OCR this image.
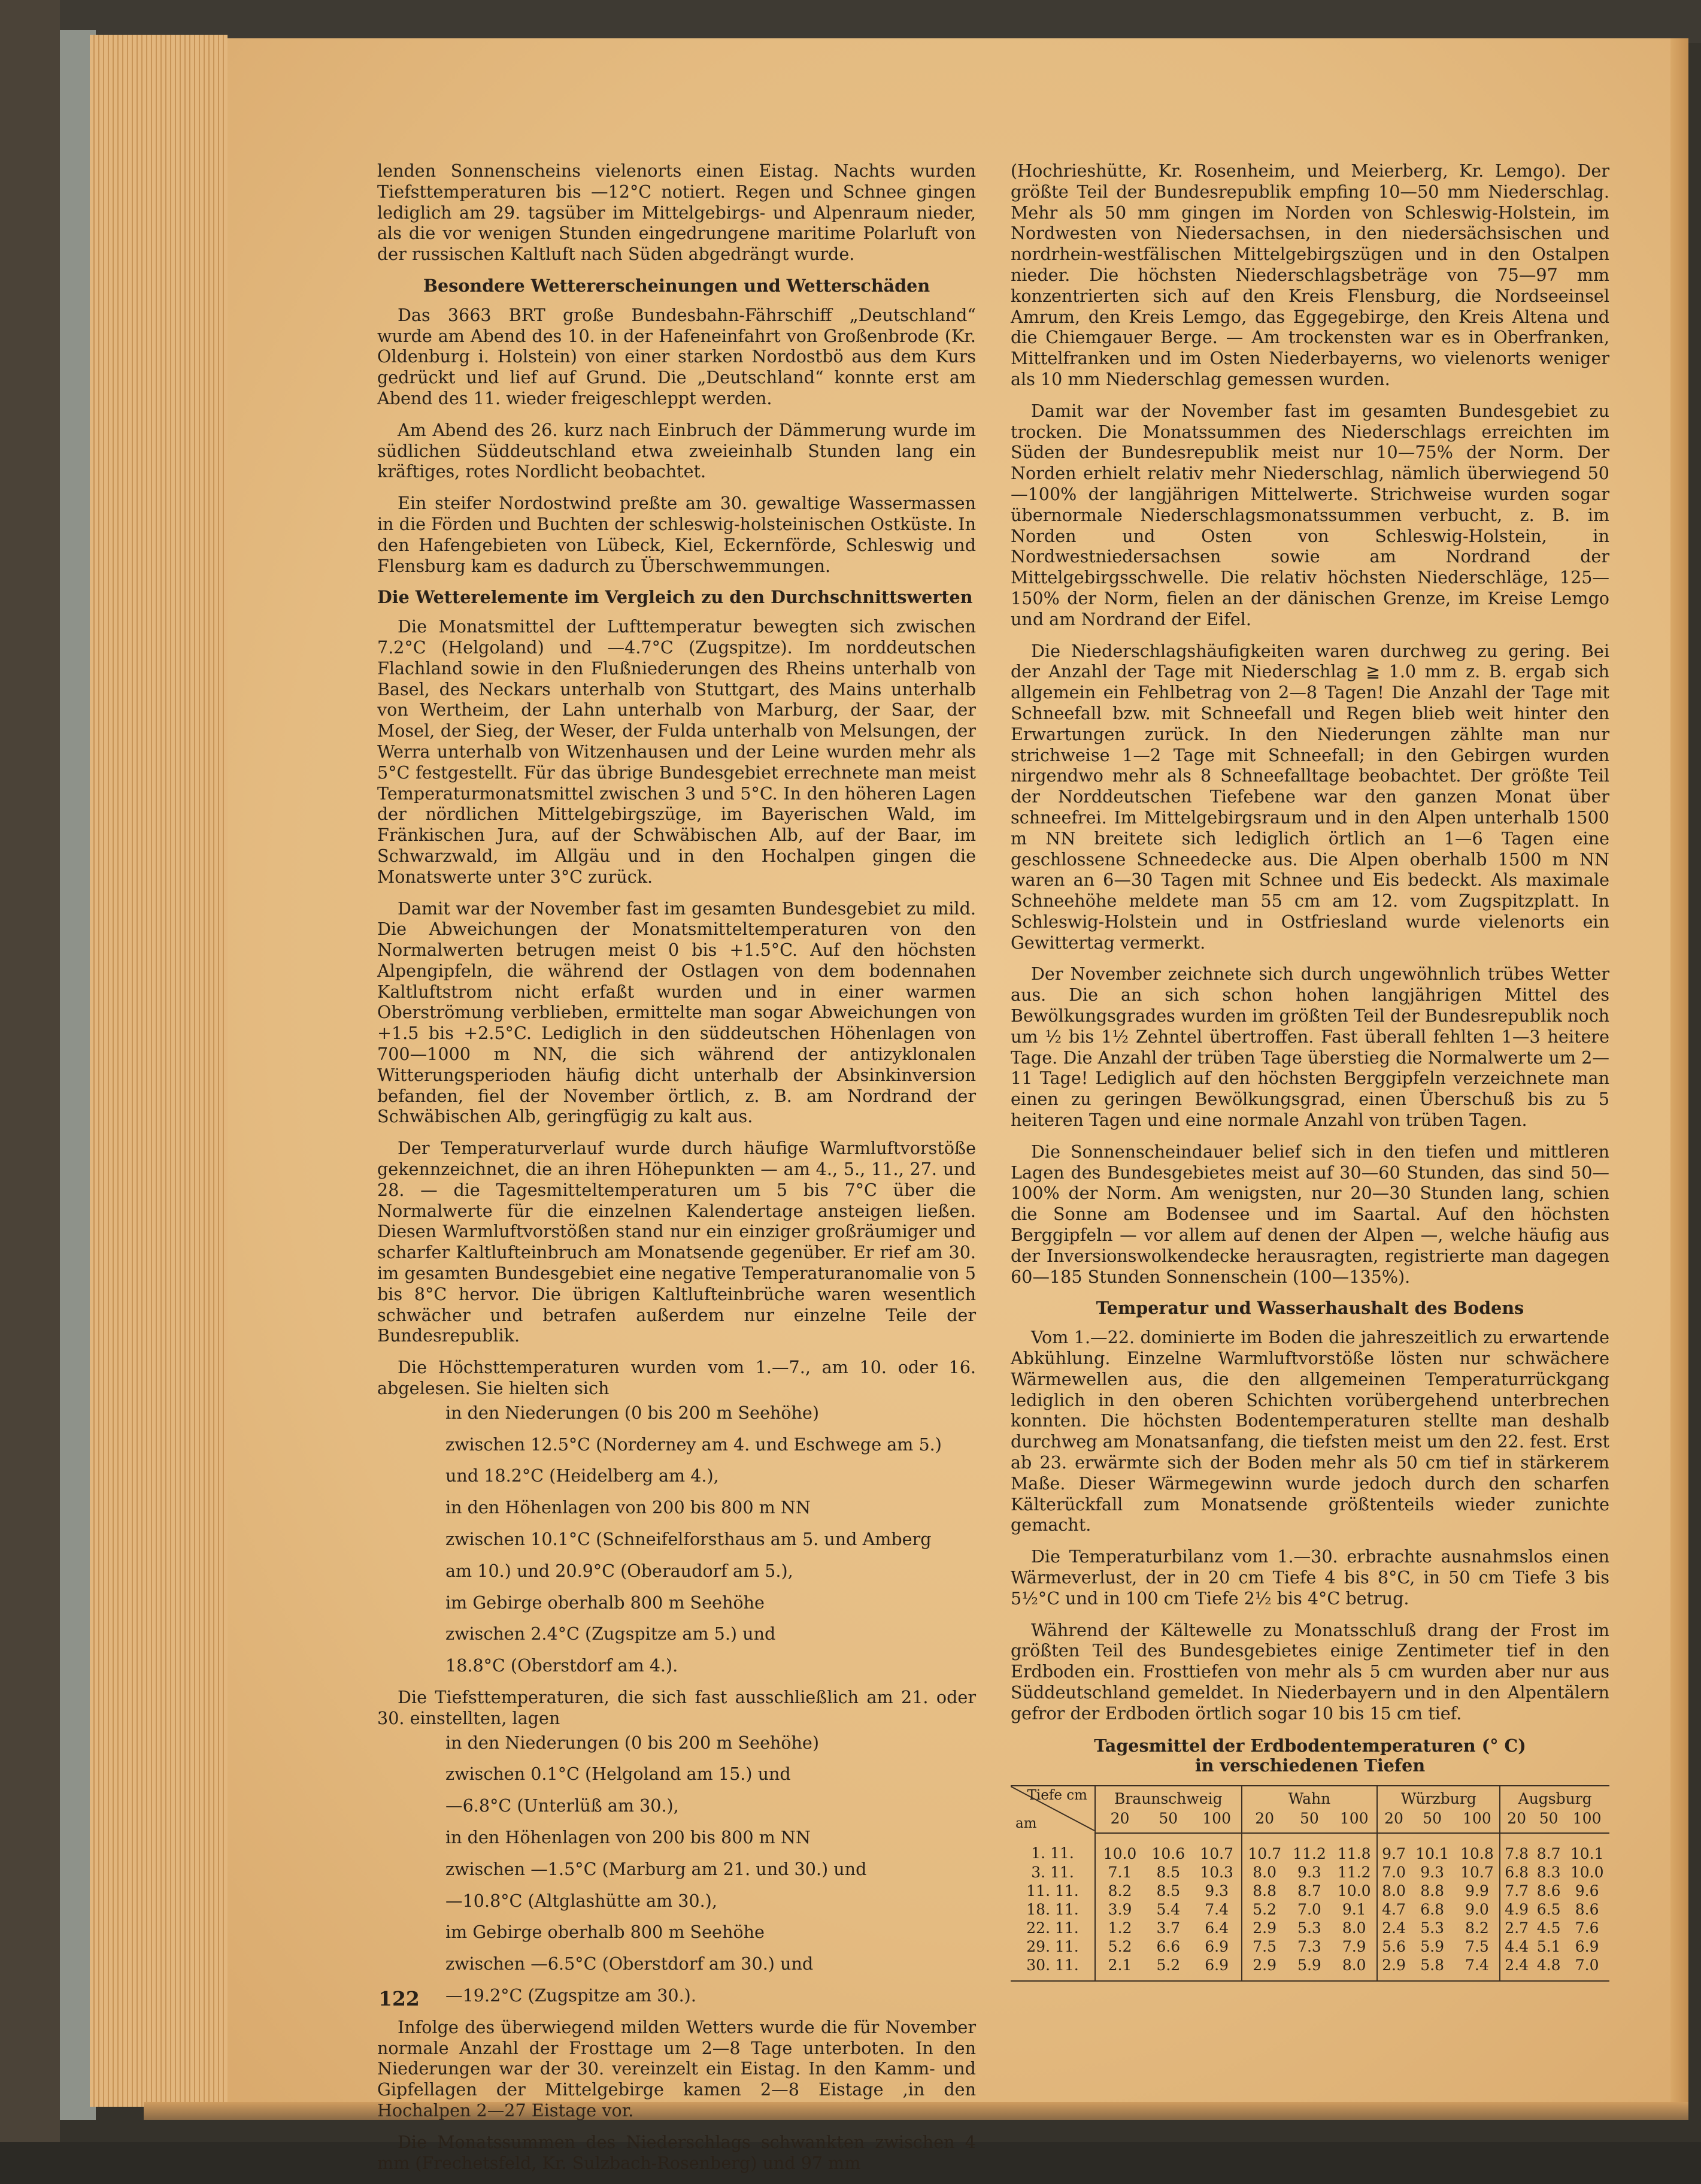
lenden Sonnenscheins vielenorts einen Eistag. Nachts wurden Tiefsttemperaturen bis —12°C notiert. Regen und Schnee gingen lediglich am 29. tagsüber im Mittelgebirgs- und Alpenraum nieder, als die vor wenigen Stunden eingedrungene maritime Polarluft von der russischen Kaltluft nach Süden abgedrängt wurde.

Besondere Wettererscheinungen und Wetterschäden

Das 3663 BRT große Bundesbahn-Fährschiff „Deutschland“ wurde am Abend des 10. in der Hafeneinfahrt von Großenbrode (Kr. Oldenburg i. Holstein) von einer starken Nordostbö aus dem Kurs gedrückt und lief auf Grund. Die „Deutschland“ konnte erst am Abend des 11. wieder freigeschleppt werden.

Am Abend des 26. kurz nach Einbruch der Dämmerung wurde im südlichen Süddeutschland etwa zweieinhalb Stunden lang ein kräftiges, rotes Nordlicht beobachtet.

Ein steifer Nordostwind preßte am 30. gewaltige Wassermassen in die Förden und Buchten der schleswig-holsteinischen Ostküste. In den Hafengebieten von Lübeck, Kiel, Eckernförde, Schleswig und Flensburg kam es dadurch zu Überschwemmungen.

Die Wetterelemente im Vergleich zu den Durchschnittswerten

Die Monatsmittel der Lufttemperatur bewegten sich zwischen 7.2°C (Helgoland) und —4.7°C (Zugspitze). Im norddeutschen Flachland sowie in den Flußniederungen des Rheins unterhalb von Basel, des Neckars unterhalb von Stuttgart, des Mains unterhalb von Wertheim, der Lahn unterhalb von Marburg, der Saar, der Mosel, der Sieg, der Weser, der Fulda unterhalb von Melsungen, der Werra unterhalb von Witzenhausen und der Leine wurden mehr als 5°C festgestellt. Für das übrige Bundesgebiet errechnete man meist Temperaturmonatsmittel zwischen 3 und 5°C. In den höheren Lagen der nördlichen Mittelgebirgszüge, im Bayerischen Wald, im Fränkischen Jura, auf der Schwäbischen Alb, auf der Baar, im Schwarzwald, im Allgäu und in den Hochalpen gingen die Monatswerte unter 3°C zurück.

Damit war der November fast im gesamten Bundesgebiet zu mild. Die Abweichungen der Monatsmitteltemperaturen von den Normalwerten betrugen meist 0 bis +1.5°C. Auf den höchsten Alpengipfeln, die während der Ostlagen von dem bodennahen Kaltluftstrom nicht erfaßt wurden und in einer warmen Oberströmung verblieben, ermittelte man sogar Abweichungen von +1.5 bis +2.5°C. Lediglich in den süddeutschen Höhenlagen von 700—1000 m NN, die sich während der antizyklonalen Witterungsperioden häufig dicht unterhalb der Absinkinversion befanden, fiel der November örtlich, z. B. am Nordrand der Schwäbischen Alb, geringfügig zu kalt aus.

Der Temperaturverlauf wurde durch häufige Warmluftvorstöße gekennzeichnet, die an ihren Höhepunkten — am 4., 5., 11., 27. und 28. — die Tagesmitteltemperaturen um 5 bis 7°C über die Normalwerte für die einzelnen Kalendertage ansteigen ließen. Diesen Warmluftvorstößen stand nur ein einziger großräumiger und scharfer Kaltlufteinbruch am Monatsende gegenüber. Er rief am 30. im gesamten Bundesgebiet eine negative Temperaturanomalie von 5 bis 8°C hervor. Die übrigen Kaltlufteinbrüche waren wesentlich schwächer und betrafen außerdem nur einzelne Teile der Bundesrepublik.

Die Höchsttemperaturen wurden vom 1.—7., am 10. oder 16. abgelesen. Sie hielten sich

in den Niederungen (0 bis 200 m Seehöhe)

zwischen 12.5°C (Norderney am 4. und Eschwege am 5.)

und 18.2°C (Heidelberg am 4.),

in den Höhenlagen von 200 bis 800 m NN

zwischen 10.1°C (Schneifelforsthaus am 5. und Amberg

am 10.) und 20.9°C (Oberaudorf am 5.),

im Gebirge oberhalb 800 m Seehöhe

zwischen 2.4°C (Zugspitze am 5.) und

18.8°C (Oberstdorf am 4.).

Die Tiefsttemperaturen, die sich fast ausschließlich am 21. oder 30. einstellten, lagen

in den Niederungen (0 bis 200 m Seehöhe)

zwischen 0.1°C (Helgoland am 15.) und

—6.8°C (Unterlüß am 30.),

in den Höhenlagen von 200 bis 800 m NN

zwischen —1.5°C (Marburg am 21. und 30.) und

—10.8°C (Altglashütte am 30.),

im Gebirge oberhalb 800 m Seehöhe

zwischen —6.5°C (Oberstdorf am 30.) und

—19.2°C (Zugspitze am 30.).

Infolge des überwiegend milden Wetters wurde die für November normale Anzahl der Frosttage um 2—8 Tage unterboten. In den Niederungen war der 30. vereinzelt ein Eistag. In den Kamm- und Gipfellagen der Mittelgebirge kamen 2—8 Eistage ,in den Hochalpen 2—27 Eistage vor.

Die Monatssummen des Niederschlags schwankten zwischen 4 mm (Frechetsfeld, Kr. Sulzbach-Rosenberg) und 97 mm

(Hochrieshütte, Kr. Rosenheim, und Meierberg, Kr. Lemgo). Der größte Teil der Bundesrepublik empfing 10—50 mm Niederschlag. Mehr als 50 mm gingen im Norden von Schleswig-Holstein, im Nordwesten von Niedersachsen, in den niedersächsischen und nordrhein-westfälischen Mittelgebirgszügen und in den Ostalpen nieder. Die höchsten Niederschlagsbeträge von 75—97 mm konzentrierten sich auf den Kreis Flensburg, die Nordseeinsel Amrum, den Kreis Lemgo, das Eggegebirge, den Kreis Altena und die Chiemgauer Berge. — Am trockensten war es in Oberfranken, Mittelfranken und im Osten Niederbayerns, wo vielenorts weniger als 10 mm Niederschlag gemessen wurden.

Damit war der November fast im gesamten Bundesgebiet zu trocken. Die Monatssummen des Niederschlags erreichten im Süden der Bundesrepublik meist nur 10—75% der Norm. Der Norden erhielt relativ mehr Niederschlag, nämlich überwiegend 50—100% der langjährigen Mittelwerte. Strichweise wurden sogar übernormale Niederschlagsmonatssummen verbucht, z. B. im Norden und Osten von Schleswig-Holstein, in Nordwestniedersachsen sowie am Nordrand der Mittelgebirgsschwelle. Die relativ höchsten Niederschläge, 125—150% der Norm, fielen an der dänischen Grenze, im Kreise Lemgo und am Nordrand der Eifel.

Die Niederschlagshäufigkeiten waren durchweg zu gering. Bei der Anzahl der Tage mit Niederschlag ≧ 1.0 mm z. B. ergab sich allgemein ein Fehlbetrag von 2—8 Tagen! Die Anzahl der Tage mit Schneefall bzw. mit Schneefall und Regen blieb weit hinter den Erwartungen zurück. In den Niederungen zählte man nur strichweise 1—2 Tage mit Schneefall; in den Gebirgen wurden nirgendwo mehr als 8 Schneefalltage beobachtet. Der größte Teil der Norddeutschen Tiefebene war den ganzen Monat über schneefrei. Im Mittelgebirgsraum und in den Alpen unterhalb 1500 m NN breitete sich lediglich örtlich an 1—6 Tagen eine geschlossene Schneedecke aus. Die Alpen oberhalb 1500 m NN waren an 6—30 Tagen mit Schnee und Eis bedeckt. Als maximale Schneehöhe meldete man 55 cm am 12. vom Zugspitzplatt. In Schleswig-Holstein und in Ostfriesland wurde vielenorts ein Gewittertag vermerkt.

Der November zeichnete sich durch ungewöhnlich trübes Wetter aus. Die an sich schon hohen langjährigen Mittel des Bewölkungsgrades wurden im größten Teil der Bundesrepublik noch um ½ bis 1½ Zehntel übertroffen. Fast überall fehlten 1—3 heitere Tage. Die Anzahl der trüben Tage überstieg die Normalwerte um 2—11 Tage! Lediglich auf den höchsten Berggipfeln verzeichnete man einen zu geringen Bewölkungsgrad, einen Überschuß bis zu 5 heiteren Tagen und eine normale Anzahl von trüben Tagen.

Die Sonnenscheindauer belief sich in den tiefen und mittleren Lagen des Bundesgebietes meist auf 30—60 Stunden, das sind 50—100% der Norm. Am wenigsten, nur 20—30 Stunden lang, schien die Sonne am Bodensee und im Saartal. Auf den höchsten Berggipfeln — vor allem auf denen der Alpen —, welche häufig aus der Inversionswolkendecke herausragten, registrierte man dagegen 60—185 Stunden Sonnenschein (100—135%).

Temperatur und Wasserhaushalt des Bodens

Vom 1.—22. dominierte im Boden die jahreszeitlich zu erwartende Abkühlung. Einzelne Warmluftvorstöße lösten nur schwächere Wärmewellen aus, die den allgemeinen Temperaturrückgang lediglich in den oberen Schichten vorübergehend unterbrechen konnten. Die höchsten Bodentemperaturen stellte man deshalb durchweg am Monatsanfang, die tiefsten meist um den 22. fest. Erst ab 23. erwärmte sich der Boden mehr als 50 cm tief in stärkerem Maße. Dieser Wärmegewinn wurde jedoch durch den scharfen Kälterückfall zum Monatsende größtenteils wieder zunichte gemacht.

Die Temperaturbilanz vom 1.—30. erbrachte ausnahmslos einen Wärmeverlust, der in 20 cm Tiefe 4 bis 8°C, in 50 cm Tiefe 3 bis 5½°C und in 100 cm Tiefe 2½ bis 4°C betrug.

Während der Kältewelle zu Monatsschluß drang der Frost im größten Teil des Bundesgebietes einige Zentimeter tief in den Erdboden ein. Frosttiefen von mehr als 5 cm wurden aber nur aus Süddeutschland gemeldet. In Niederbayern und in den Alpentälern gefror der Erdboden örtlich sogar 10 bis 15 cm tief.

Tagesmittel der Erdbodentemperaturen (° C)
in verschiedenen Tiefen
Tiefe cm
am	Braunschweig			Wahn			Würzburg			Augsburg		
	20	50	100	20	50	100	20	50	100	20	50	100
1. 11.	10.0	10.6	10.7	10.7	11.2	11.8	9.7	10.1	10.8	7.8	8.7	10.1
3. 11.	7.1	8.5	10.3	8.0	9.3	11.2	7.0	9.3	10.7	6.8	8.3	10.0
11. 11.	8.2	8.5	9.3	8.8	8.7	10.0	8.0	8.8	9.9	7.7	8.6	9.6
18. 11.	3.9	5.4	7.4	5.2	7.0	9.1	4.7	6.8	9.0	4.9	6.5	8.6
22. 11.	1.2	3.7	6.4	2.9	5.3	8.0	2.4	5.3	8.2	2.7	4.5	7.6
29. 11.	5.2	6.6	6.9	7.5	7.3	7.9	5.6	5.9	7.5	4.4	5.1	6.9
30. 11.	2.1	5.2	6.9	2.9	5.9	8.0	2.9	5.8	7.4	2.4	4.8	7.0
122
